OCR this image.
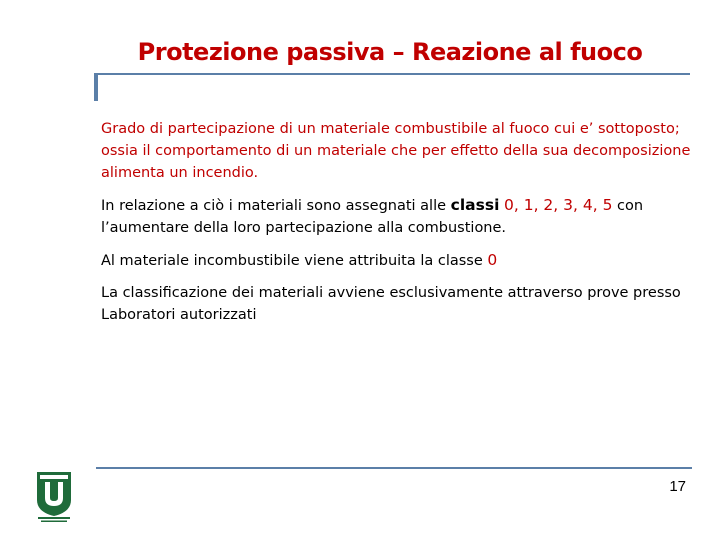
Protezione passiva – Reazione al fuoco

Grado di partecipazione di un materiale combustibile al fuoco cui e’ sottoposto; ossia il comportamento di un materiale che per effetto della sua decomposizione alimenta un incendio.

In relazione a ciò i materiali sono assegnati alle classi 0, 1, 2, 3, 4, 5 con l’aumentare della loro partecipazione alla combustione.

Al materiale incombustibile viene attribuita la classe 0

La classificazione dei materiali avviene esclusivamente attraverso prove presso Laboratori autorizzati

17
